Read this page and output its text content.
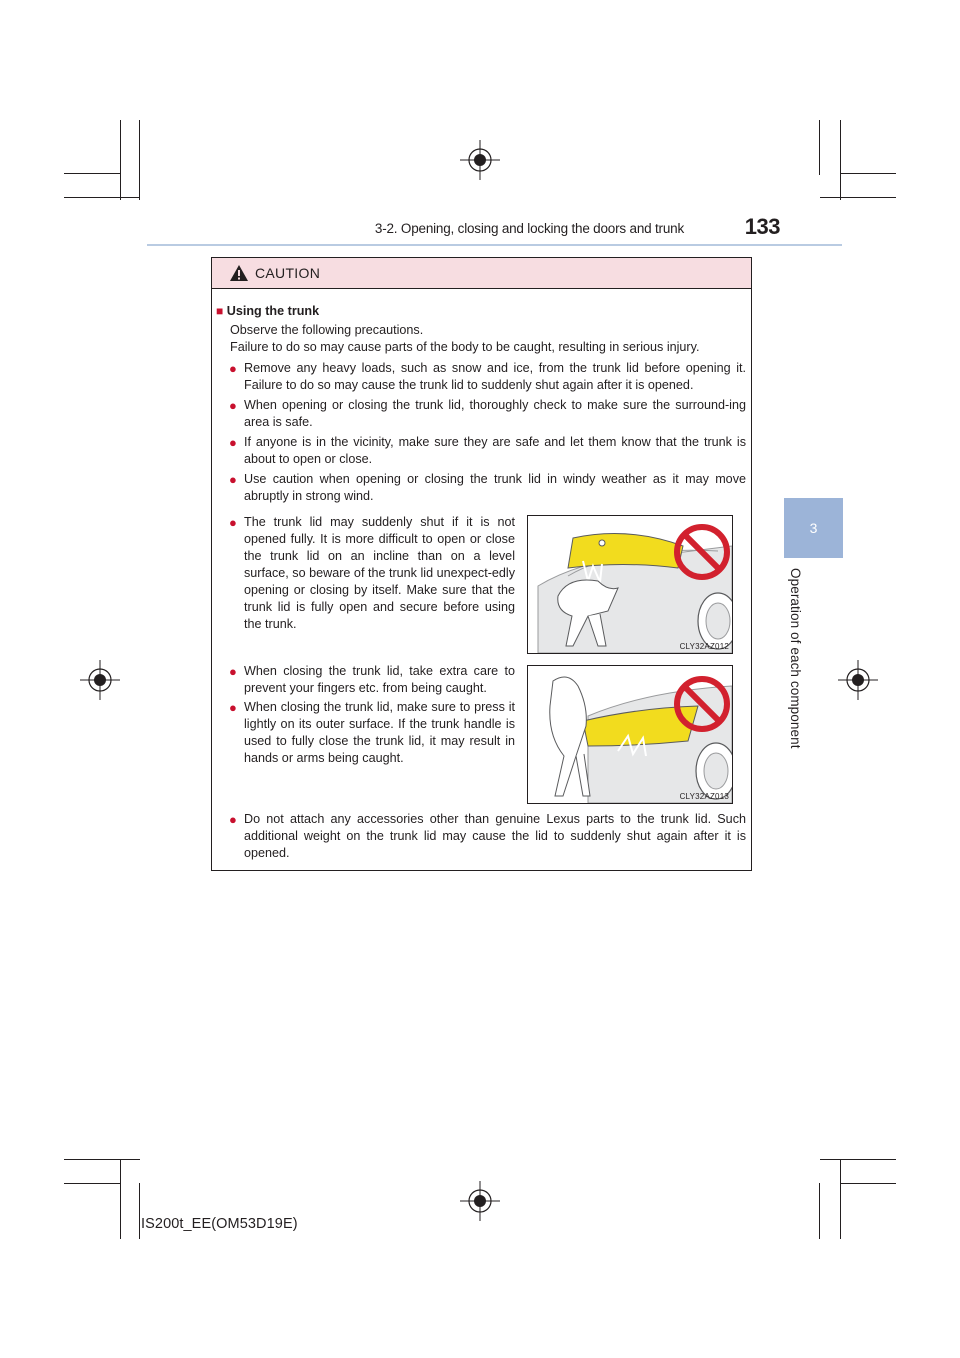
3-2. Opening, closing and locking the doors and trunk	133
3
Operation of each component
CAUTION
■ Using the trunk
Observe the following precautions.
Failure to do so may cause parts of the body to be caught, resulting in serious injury.
● Remove any heavy loads, such as snow and ice, from the trunk lid before opening it. Failure to do so may cause the trunk lid to suddenly shut again after it is opened.
● When opening or closing the trunk lid, thoroughly check to make sure the surround-ing area is safe.
● If anyone is in the vicinity, make sure they are safe and let them know that the trunk is about to open or close.
● Use caution when opening or closing the trunk lid in windy weather as it may move abruptly in strong wind.
● The trunk lid may suddenly shut if it is not opened fully. It is more difficult to open or close the trunk lid on an incline than on a level surface, so beware of the trunk lid unexpect-edly opening or closing by itself. Make sure that the trunk lid is fully open and secure before using the trunk.
CLY32AZ012
● When closing the trunk lid, take extra care to prevent your fingers etc. from being caught.
● When closing the trunk lid, make sure to press it lightly on its outer surface. If the trunk handle is used to fully close the trunk lid, it may result in hands or arms being caught.
CLY32AZ013
● Do not attach any accessories other than genuine Lexus parts to the trunk lid. Such additional weight on the trunk lid may cause the lid to suddenly shut again after it is opened.
IS200t_EE(OM53D19E)
